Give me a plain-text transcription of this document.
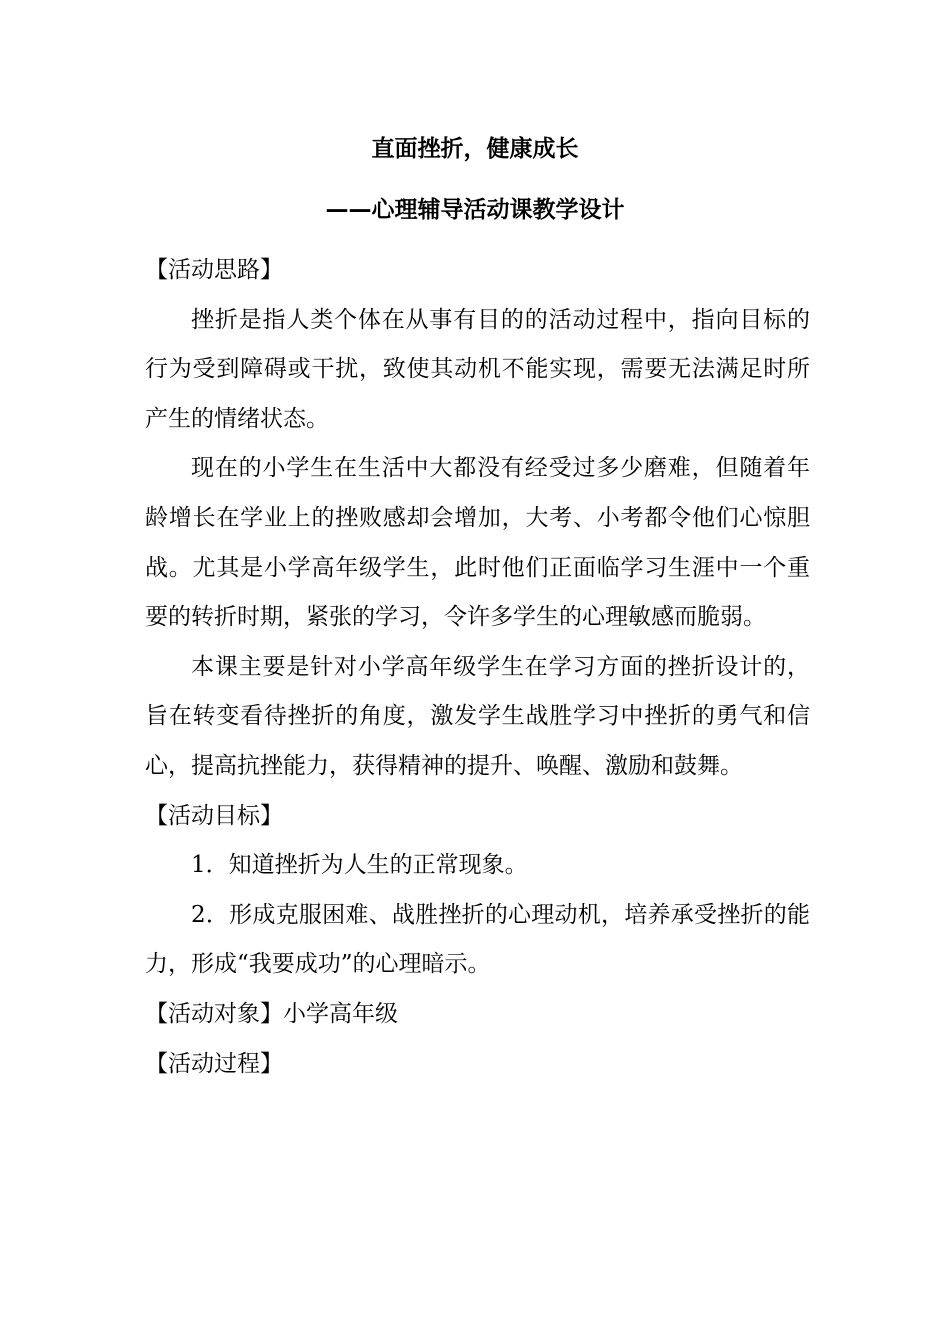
直面挫折，健康成长
——心理辅导活动课教学设计

【活动思路】

挫折是指人类个体在从事有目的的活动过程中，指向目标的行为受到障碍或干扰，致使其动机不能实现，需要无法满足时所产生的情绪状态。

现在的小学生在生活中大都没有经受过多少磨难，但随着年龄增长在学业上的挫败感却会增加，大考、小考都令他们心惊胆战。尤其是小学高年级学生，此时他们正面临学习生涯中一个重要的转折时期，紧张的学习，令许多学生的心理敏感而脆弱。

本课主要是针对小学高年级学生在学习方面的挫折设计的，旨在转变看待挫折的角度，激发学生战胜学习中挫折的勇气和信心，提高抗挫能力，获得精神的提升、唤醒、激励和鼓舞。

【活动目标】

1．知道挫折为人生的正常现象。

2．形成克服困难、战胜挫折的心理动机，培养承受挫折的能力，形成“我要成功”的心理暗示。

【活动对象】小学高年级

【活动过程】
